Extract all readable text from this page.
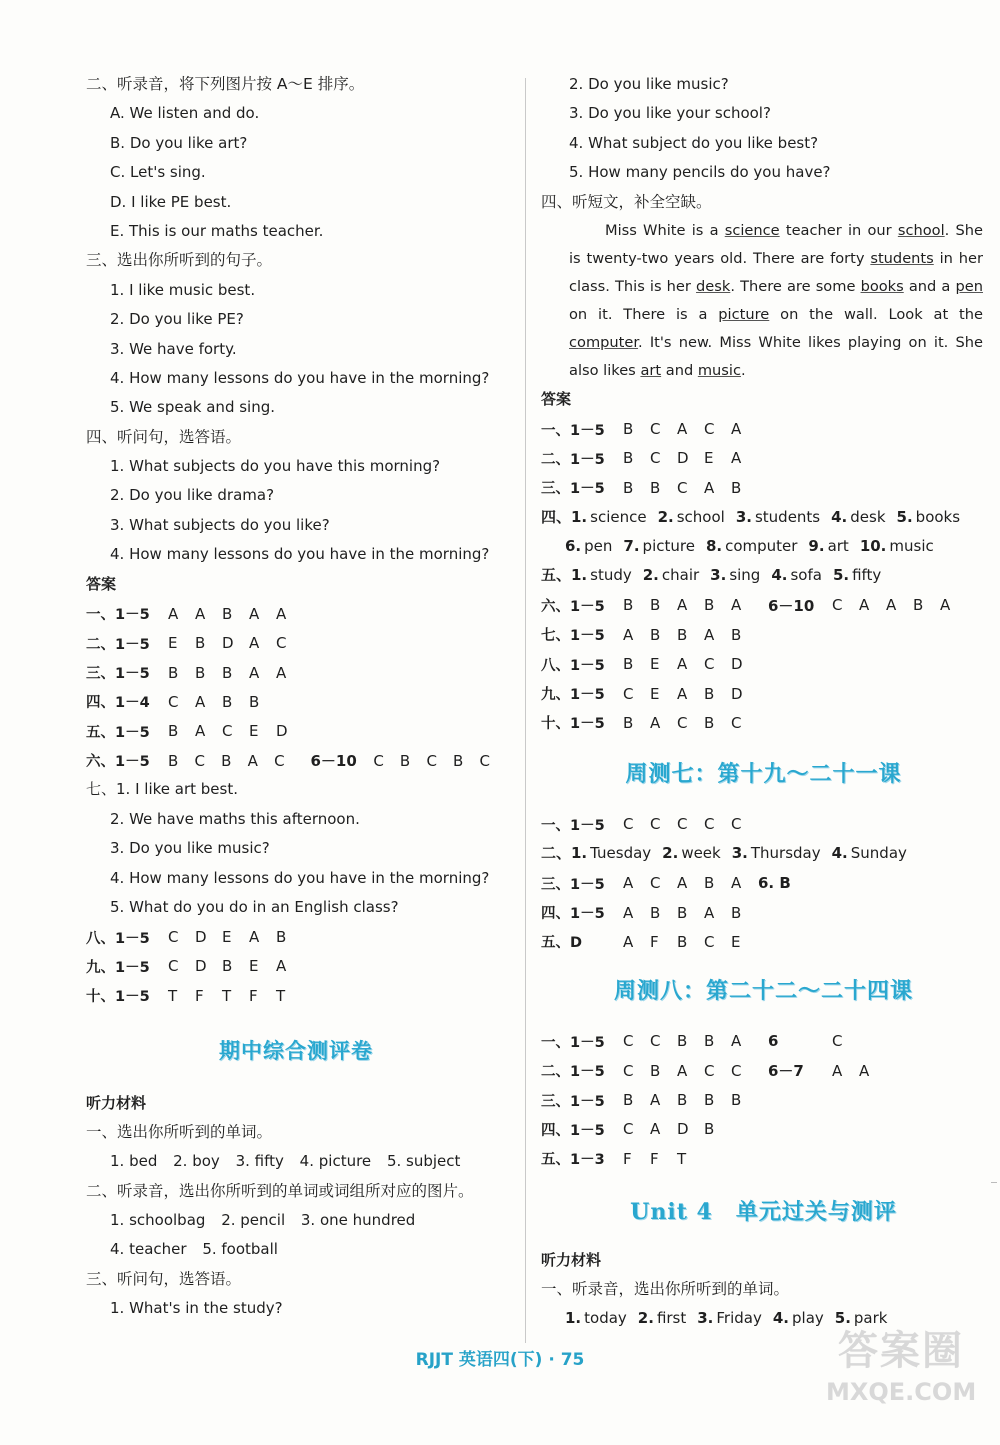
二、听录音，将下列图片按 A～E 排序。
A. We listen and do.
B. Do you like art?
C. Let's sing.
D. I like PE best.
E. This is our maths teacher.
三、选出你所听到的句子。
1. I like music best.
2. Do you like PE?
3. We have forty.
4. How many lessons do you have in the morning?
5. We speak and sing.
四、听问句，选答语。
1. What subjects do you have this morning?
2. Do you like drama?
3. What subjects do you like?
4. How many lessons do you have in the morning?
答案
一、1－5	A	A	B	A	A
二、1－5	E	B	D	A	C
三、1－5	B	B	B	A	A
四、1－4	C	A	B	B
五、1－5	B	A	C	E	D
六、1－5	B	C	B	A	C	6－10	C	B	C	B	C
七、1. I like art best.
2. We have maths this afternoon.
3. Do you like music?
4. How many lessons do you have in the morning?
5. What do you do in an English class?
八、1－5	C	D	E	A	B
九、1－5	C	D	B	E	A
十、1－5	T	F	T	F	T
期中综合测评卷
听力材料
一、选出你所听到的单词。
1. bed 2. boy 3. fifty 4. picture 5. subject
二、听录音，选出你所听到的单词或词组所对应的图片。
1. schoolbag 2. pencil 3. one hundred
4. teacher 5. football
三、听问句，选答语。
1. What's in the study?
2. Do you like music?
3. Do you like your school?
4. What subject do you like best?
5. How many pencils do you have?
四、听短文，补全空缺。

Miss White is a science teacher in our school. She is twenty-two years old. There are forty students in her class. This is her desk. There are some books and a pen on it. There is a picture on the wall. Look at the computer. It's new. Miss White likes playing on it. She also likes art and music.

答案
一、1－5	B	C	A	C	A
二、1－5	B	C	D	E	A
三、1－5	B	B	C	A	B
四、1. science 2. school 3. students 4. desk 5. books
6. pen 7. picture 8. computer 9. art 10. music
五、1. study 2. chair 3. sing 4. sofa 5. fifty
六、1－5	B	B	A	B	A	6－10	C	A	A	B	A
七、1－5	A	B	B	A	B
八、1－5	B	E	A	C	D
九、1－5	C	E	A	B	D
十、1－5	B	A	C	B	C
周测七：第十九～二十一课
一、1－5	C	C	C	C	C
二、1. Tuesday 2. week 3. Thursday 4. Sunday
三、1－5	A	C	A	B	A	6. B
四、1－5	A	B	B	A	B
五、D	A	F	B	C	E
周测八：第二十二～二十四课
一、1－5	C	C	B	B	A	6	C
二、1－5	C	B	A	C	C	6－7	A	A
三、1－5	B	A	B	B	B
四、1－5	C	A	D	B
五、1－3	F	F	T
Unit 4　单元过关与测评
听力材料
一、听录音，选出你所听到的单词。
1. today 2. first 3. Friday 4. play 5. park
RJJT 英语四(下) · 75	答案圈
MXQE.COM
